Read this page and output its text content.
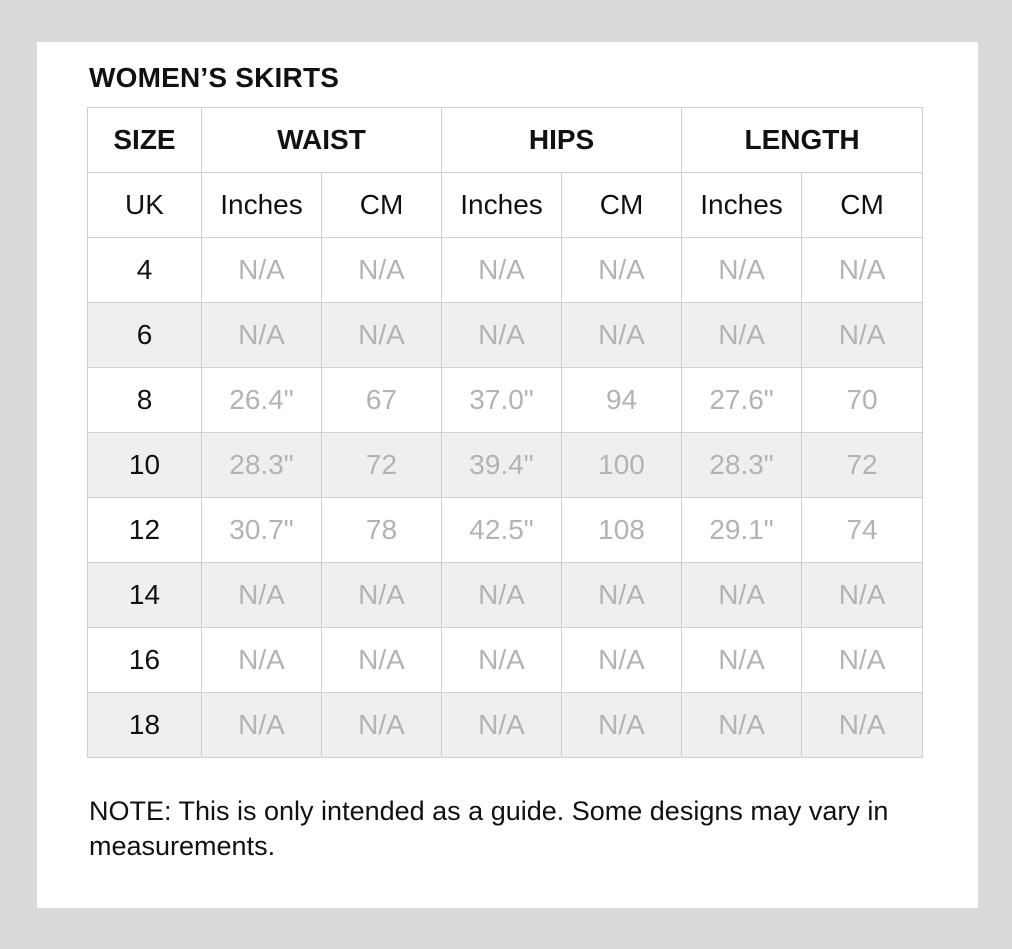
WOMEN’S SKIRTS
SIZE	WAIST		HIPS		LENGTH	
UK	Inches	CM	Inches	CM	Inches	CM
4	N/A	N/A	N/A	N/A	N/A	N/A
6	N/A	N/A	N/A	N/A	N/A	N/A
8	26.4"	67	37.0"	94	27.6"	70
10	28.3"	72	39.4"	100	28.3"	72
12	30.7"	78	42.5"	108	29.1"	74
14	N/A	N/A	N/A	N/A	N/A	N/A
16	N/A	N/A	N/A	N/A	N/A	N/A
18	N/A	N/A	N/A	N/A	N/A	N/A

NOTE: This is only intended as a guide. Some designs may vary in measurements.
